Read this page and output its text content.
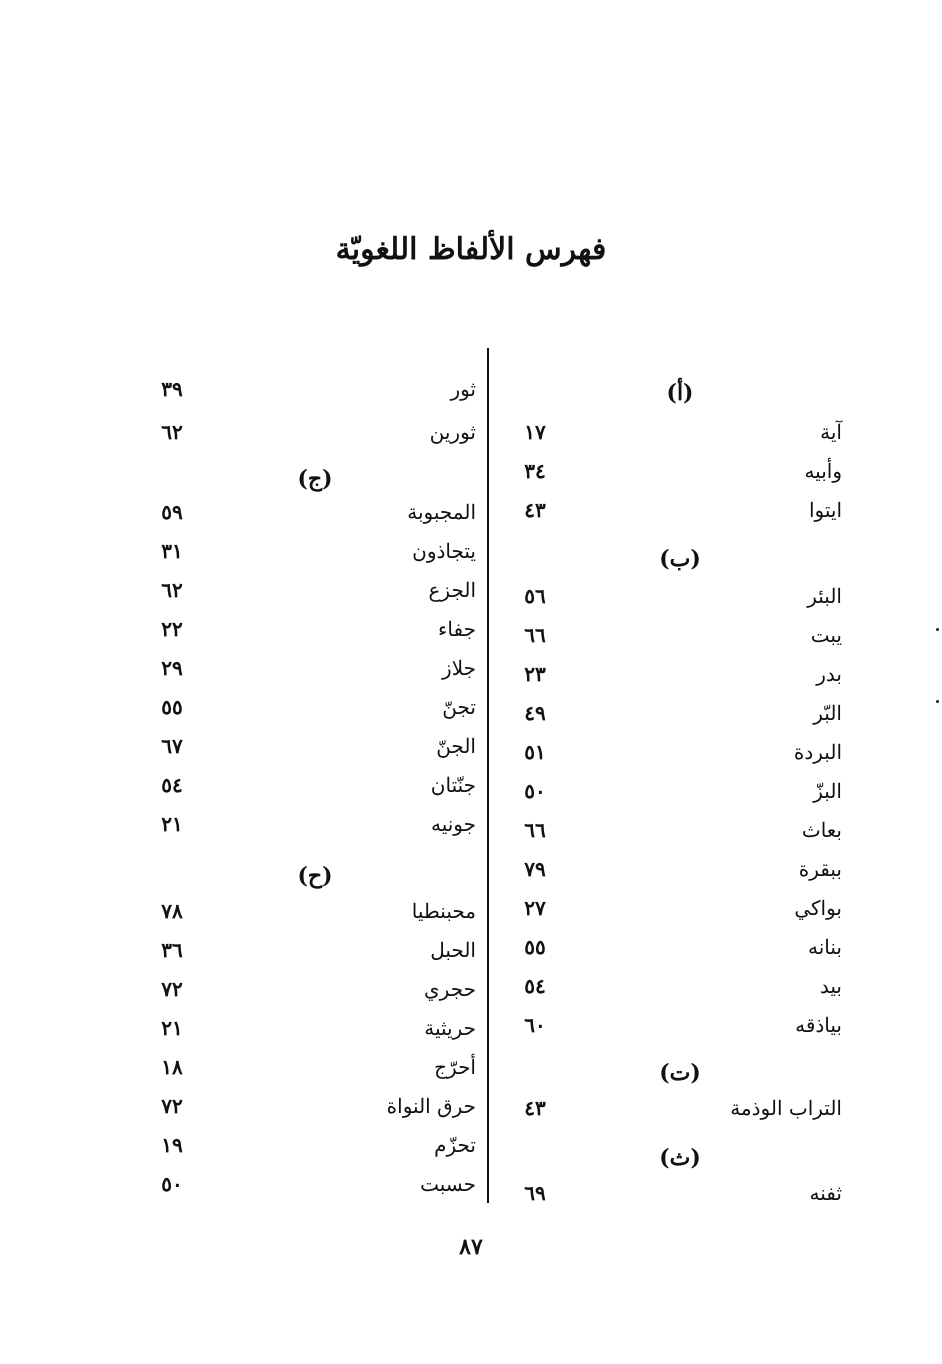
فهرس الألفاظ اللغويّة
(أ)
آية
١٧
وأبيه
٣٤
ايتوا
٤٣
(ب)
البئر
٥٦
يبت
٦٦
بدر
٢٣
البّر
٤٩
البردة
٥١
البزّ
٥٠
بعاث
٦٦
ببقرة
٧٩
بواكي
٢٧
بنانه
٥٥
بيد
٥٤
بياذقه
٦٠
(ت)
التراب الوذمة
٤٣
(ث)
ثفنه
٦٩
ثور
٣٩
ثورين
٦٢
(ج)
المجبوبة
٥٩
يتجاذون
٣١
الجزع
٦٢
جفاء
٢٢
جلاز
٢٩
تجنّ
٥٥
الجنّ
٦٧
جنّتان
٥٤
جونيه
٢١
(ح)
محبنطيا
٧٨
الحبل
٣٦
حجري
٧٢
حريثية
٢١
أحرّج
١٨
حرق النواة
٧٢
تحزّم
١٩
حسبت
٥٠
٨٧
